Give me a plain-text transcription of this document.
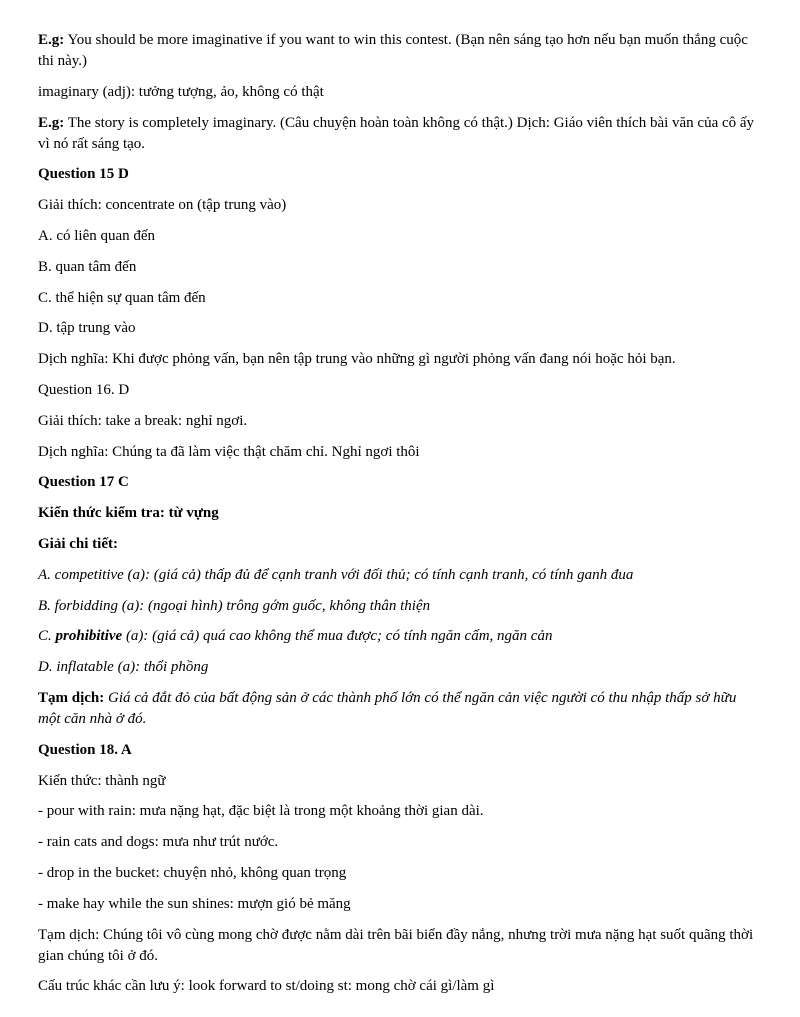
E.g: You should be more imaginative if you want to win this contest. (Bạn nên sáng tạo hơn nếu bạn muốn thắng cuộc thi này.)

imaginary (adj): tưởng tượng, ảo, không có thật

E.g: The story is completely imaginary. (Câu chuyện hoàn toàn không có thật.) Dịch: Giáo viên thích bài văn của cô ấy vì nó rất sáng tạo.

Question 15 D

Giải thích: concentrate on (tập trung vào)

A. có liên quan đến

B. quan tâm đến

C. thể hiện sự quan tâm đến

D. tập trung vào

Dịch nghĩa: Khi được phỏng vấn, bạn nên tập trung vào những gì người phỏng vấn đang nói hoặc hỏi bạn.

Question 16. D

Giải thích: take a break: nghỉ ngơi.

Dịch nghĩa: Chúng ta đã làm việc thật chăm chỉ. Nghỉ ngơi thôi

Question 17 C

Kiến thức kiểm tra: từ vựng

Giải chi tiết:

A. competitive (a): (giá cả) thấp đủ để cạnh tranh với đối thủ; có tính cạnh tranh, có tính ganh đua

B. forbidding (a): (ngoại hình) trông gớm guốc, không thân thiện

C. prohibitive (a): (giá cả) quá cao không thể mua được; có tính ngăn cấm, ngăn cản

D. inflatable (a): thổi phồng

Tạm dịch: Giá cả đắt đỏ của bất động sản ở các thành phố lớn có thể ngăn cản việc người có thu nhập thấp sở hữu một căn nhà ở đó.

Question 18. A

Kiến thức: thành ngữ

- pour with rain: mưa nặng hạt, đặc biệt là trong một khoảng thời gian dài.

- rain cats and dogs: mưa như trút nước.

- drop in the bucket: chuyện nhỏ, không quan trọng

- make hay while the sun shines: mượn gió bẻ măng

Tạm dịch: Chúng tôi vô cùng mong chờ được nằm dài trên bãi biển đầy nắng, nhưng trời mưa nặng hạt suốt quãng thời gian chúng tôi ở đó.

Cấu trúc khác cần lưu ý: look forward to st/doing st: mong chờ cái gì/làm gì
